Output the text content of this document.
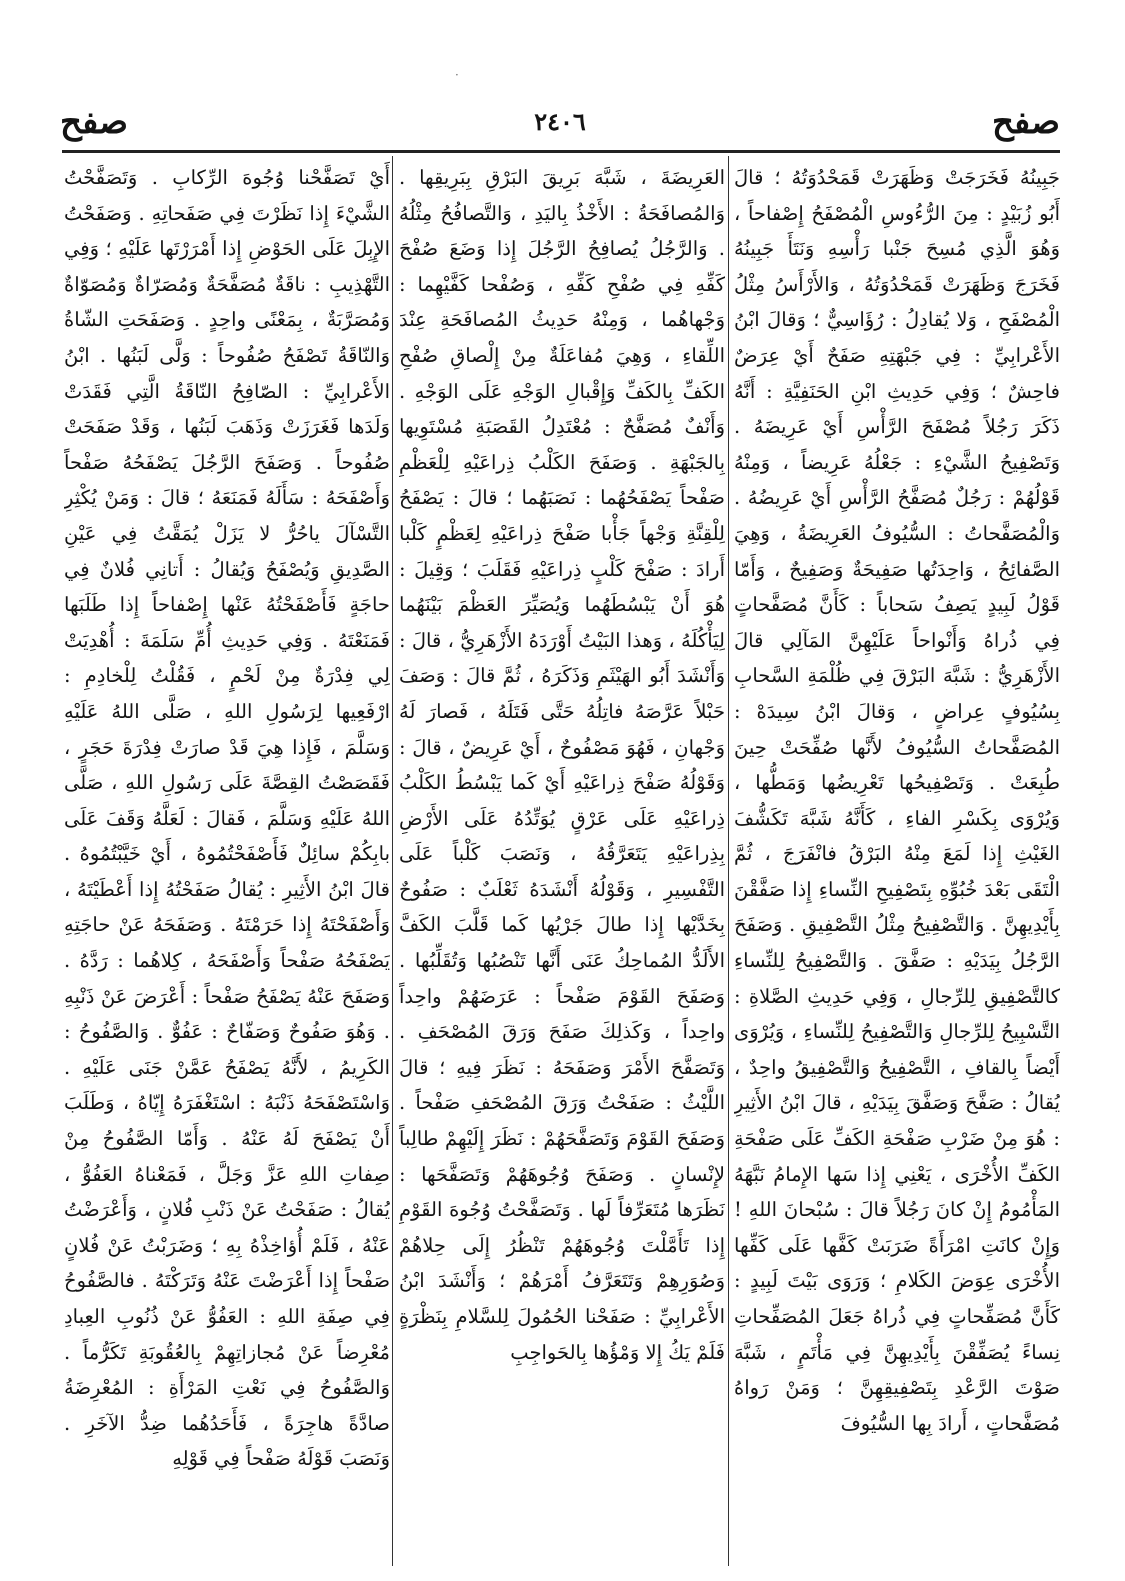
·
صفح
٢٤٠٦
صفح

جَبِينُهُ فَخَرَجَتْ وَظَهَرَتْ قَمَحْدُوَتُهُ ؛ قالَ أَبُو زُبَيْدٍ : مِنَ الرُّءُوسِ الْمُصْفَحُ إِصْفاحاً ، وَهُوَ الَّذِي مُسِحَ جَنْبا رَأْسِهِ وَنَتَأَ جَبِينُهُ فَخَرَجَ وَظَهَرَتْ قَمَحْدُوَتُهُ ، وَالأَرْأَسُ مِثْلُ الْمُصْفَحِ ، وَلا يُقادِلُ : رُؤَاسِيٌّ ؛ وَقالَ ابْنُ الأَعْرابِيِّ : فِي جَبْهَتِهِ صَفَحٌ أَيْ عِرَضٌ فاحِشٌ ؛ وَفِي حَدِيثِ ابْنِ الحَنَفِيَّةِ : أَنَّهُ ذَكَرَ رَجُلاً مُصْفَحَ الرَّأْسِ أَيْ عَرِيضَهُ . وَتَصْفِيحُ الشَّيْءِ : جَعْلُهُ عَرِيضاً ، وَمِنْهُ قَوْلُهُمْ : رَجُلٌ مُصَفَّحُ الرَّأْسِ أَيْ عَرِيضُهُ . وَالْمُصَفَّحاتُ : السُّيُوفُ العَرِيضَةُ ، وَهِيَ الصَّفائِحُ ، وَاحِدَتُها صَفِيحَةٌ وَصَفِيحٌ ، وَأَمّا قَوْلُ لَبِيدٍ يَصِفُ سَحاباً : كَأَنَّ مُصَفَّحاتٍ فِي ذُراهُ وَأَنْواحاً عَلَيْهِنَّ المَآلِي قالَ الأَزْهَرِيُّ : شَبَّهَ البَرْقَ فِي ظُلْمَةِ السَّحابِ بِسُيُوفٍ عِراضٍ ، وَقالَ ابْنُ سِيدَهْ : المُصَفَّحاتُ السُّيُوفُ لأَنَّها صُفِّحَتْ حِينَ طُبِعَتْ . وَتَصْفِيحُها تَعْرِيضُها وَمَطُّها ، وَيُرْوَى بِكَسْرِ الفاءِ ، كَأَنَّهُ شَبَّهَ تَكَشُّفَ الغَيْثِ إِذا لَمَعَ مِنْهُ البَرْقُ فانْفَرَجَ ، ثُمَّ الْتَقَى بَعْدَ خُبُوِّهِ بِتَصْفِيحِ النِّساءِ إِذا صَفَّقْنَ بِأَيْدِيهِنَّ . وَالتَّصْفِيحُ مِثْلُ التَّصْفِيقِ . وَصَفَحَ الرَّجُلُ بِيَدَيْهِ : صَفَّقَ . وَالتَّصْفِيحُ لِلنِّساءِ كالتَّصْفِيقِ لِلرِّجالِ ، وَفِي حَدِيثِ الصَّلاةِ : التَّسْبِيحُ لِلرِّجالِ وَالتَّصْفِيحُ لِلنِّساءِ ، وَيُرْوَى أَيْضاً بِالقافِ ، التَّصْفِيحُ وَالتَّصْفِيقُ واحِدٌ ، يُقالُ : صَفَّحَ وَصَفَّقَ بِيَدَيْهِ ، قالَ ابْنُ الأَثِيرِ : هُوَ مِنْ ضَرْبِ صَفْحَةِ الكَفِّ عَلَى صَفْحَةِ الكَفِّ الأُخْرَى ، يَعْنِي إِذا سَها الإِمامُ نَبَّهَهُ المَأْمُومُ إِنْ كانَ رَجُلاً قالَ : سُبْحانَ اللهِ ! وَإِنْ كانَتِ امْرَأَةً ضَرَبَتْ كَفَّها عَلَى كَفِّها الأُخْرَى عِوَضَ الكَلامِ ؛ وَرَوَى بَيْتَ لَبِيدٍ : كَأَنَّ مُصَفِّحاتٍ فِي ذُراهُ جَعَلَ المُصَفِّحاتِ نِساءً يُصَفِّقْنَ بِأَيْدِيهِنَّ فِي مَأْتَمٍ ، شَبَّهَ صَوْتَ الرَّعْدِ بِتَصْفِيقِهِنَّ ؛ وَمَنْ رَواهُ مُصَفَّحاتٍ ، أَرادَ بِها السُّيُوفَ

العَرِيضَةَ ، شَبَّهَ بَرِيقَ البَرْقِ بِبَرِيقِها . وَالمُصافَحَةُ : الأَخْذُ بِاليَدِ ، وَالتَّصافُحُ مِثْلُهُ . وَالرَّجُلُ يُصافِحُ الرَّجُلَ إِذا وَضَعَ صُفْحَ كَفِّهِ فِي صُفْحِ كَفِّهِ ، وَصُفْحا كَفَّيْهِما : وَجْهاهُما ، وَمِنْهُ حَدِيثُ المُصافَحَةِ عِنْدَ اللِّقاءِ ، وَهِيَ مُفاعَلَةٌ مِنْ إِلْصاقِ صُفْحِ الكَفِّ بِالكَفِّ وَإِقْبالِ الوَجْهِ عَلَى الوَجْهِ . وَأَنْفٌ مُصَفَّحٌ : مُعْتَدِلُ القَصَبَةِ مُسْتَوِيها بِالجَبْهَةِ . وَصَفَحَ الكَلْبُ ذِراعَيْهِ لِلْعَظْمِ صَفْحاً يَصْفَحُهُما : نَصَبَهُما ؛ قالَ : يَصْفَحُ لِلْقِنَّةِ وَجْهاً جَأْبا صَفْحَ ذِراعَيْهِ لِعَظْمٍ كَلْبا أَرادَ : صَفْحَ كَلْبٍ ذِراعَيْهِ فَقَلَبَ ؛ وَقِيلَ : هُوَ أَنْ يَبْسُطَهُما وَيُصَيِّرَ العَظْمَ بَيْنَهُما لِيَأْكُلَهُ ، وَهذا البَيْتُ أَوْرَدَهُ الأَزْهَرِيُّ ، قالَ : وَأَنْشَدَ أَبُو الهَيْثَمِ وَذَكَرَهُ ، ثُمَّ قالَ : وَصَفَ حَبْلاً عَرَّصَهُ فاتِلُهُ حَتَّى فَتَلَهُ ، فَصارَ لَهُ وَجْهانِ ، فَهُوَ مَصْفُوحٌ ، أَيْ عَرِيضٌ ، قالَ : وَقَوْلُهُ صَفْحَ ذِراعَيْهِ أَيْ كَما يَبْسُطُ الكَلْبُ ذِراعَيْهِ عَلَى عَرْقٍ يُوَتِّدُهُ عَلَى الأَرْضِ بِذِراعَيْهِ يَتَعَرَّقُهُ ، وَنَصَبَ كَلْباً عَلَى التَّفْسِيرِ ، وَقَوْلُهُ أَنْشَدَهُ ثَعْلَبٌ : صَفُوحٌ بِخَدَّيْها إِذا طالَ جَرْيُها كَما قَلَّبَ الكَفَّ الأَلَدُّ المُماحِكُ عَنَى أَنَّها تَنْصُبُها وَتُقَلِّبُها . وَصَفَحَ القَوْمَ صَفْحاً : عَرَضَهُمْ واحِداً واحِداً ، وَكَذلِكَ صَفَحَ وَرَقَ المُصْحَفِ . وَتَصَفَّحَ الأَمْرَ وَصَفَحَهُ : نَظَرَ فِيهِ ؛ قالَ اللَّيْثُ : صَفَحْتُ وَرَقَ المُصْحَفِ صَفْحاً . وَصَفَحَ القَوْمَ وَتَصَفَّحَهُمْ : نَظَرَ إِلَيْهِمْ طالِباً لإِنْسانٍ . وَصَفَحَ وُجُوهَهُمْ وَتَصَفَّحَها : نَظَرَها مُتَعَرِّفاً لَها . وَتَصَفَّحْتُ وُجُوهَ القَوْمِ إِذا تَأَمَّلْتَ وُجُوهَهُمْ تَنْظُرُ إِلَى حِلاهُمْ وَصُوَرِهِمْ وَتَتَعَرَّفُ أَمْرَهُمْ ؛ وَأَنْشَدَ ابْنُ الأَعْرابِيِّ : صَفَحْنا الحُمُولَ لِلسَّلامِ بِنَظْرَةٍ فَلَمْ يَكُ إِلا وَمْؤُها بِالحَواجِبِ

أَيْ تَصَفَّحْنا وُجُوهَ الرِّكابِ . وَتَصَفَّحْتُ الشَّيْءَ إِذا نَظَرْتَ فِي صَفَحاتِهِ . وَصَفَحْتُ الإِبِلَ عَلَى الحَوْضِ إِذا أَمْرَرْتَها عَلَيْهِ ؛ وَفِي التَّهْذِيبِ : ناقَةٌ مُصَفَّحَةٌ وَمُصَرّاةٌ وَمُصَوّاةٌ وَمُصَرَّبَةٌ ، بِمَعْنًى واحِدٍ . وَصَفَحَتِ الشّاةُ وَالنّاقَةُ تَصْفَحُ صُفُوحاً : وَلَّى لَبَنُها . ابْنُ الأَعْرابِيِّ : الصّافِحُ النّاقَةُ الَّتِي فَقَدَتْ وَلَدَها فَغَرَزَتْ وَذَهَبَ لَبَنُها ، وَقَدْ صَفَحَتْ صُفُوحاً . وَصَفَحَ الرَّجُلَ يَصْفَحُهُ صَفْحاً وَأَصْفَحَهُ : سَأَلَهُ فَمَنَعَهُ ؛ قالَ : وَمَنْ يُكْثِرِ التَّسْآلَ ياحُرُّ لا يَزَلْ يُمَقَّتُ فِي عَيْنِ الصَّدِيقِ وَيُصْفَحُ وَيُقالُ : أَتانِي فُلانٌ فِي حاجَةٍ فَأَصْفَحْتُهُ عَنْها إِصْفاحاً إِذا طَلَبَها فَمَنَعْتَهُ . وَفِي حَدِيثِ أُمِّ سَلَمَةَ : أُهْدِيَتْ لِي فِدْرَةٌ مِنْ لَحْمٍ ، فَقُلْتُ لِلْخادِمِ : ارْفَعِيها لِرَسُولِ اللهِ ، صَلَّى اللهُ عَلَيْهِ وَسَلَّمَ ، فَإِذا هِيَ قَدْ صارَتْ فِدْرَةَ حَجَرٍ ، فَقَصَصْتُ القِصَّةَ عَلَى رَسُولِ اللهِ ، صَلَّى اللهُ عَلَيْهِ وَسَلَّمَ ، فَقالَ : لَعَلَّهُ وَقَفَ عَلَى بابِكُمْ سائِلٌ فَأَصْفَحْتُمُوهُ ، أَيْ خَيَّبْتُمُوهُ . قالَ ابْنُ الأَثِيرِ : يُقالُ صَفَحْتُهُ إِذا أَعْطَيْتَهُ ، وَأَصْفَحْتَهُ إِذا حَرَمْتَهُ . وَصَفَحَهُ عَنْ حاجَتِهِ يَصْفَحُهُ صَفْحاً وَأَصْفَحَهُ ، كِلاهُما : رَدَّهُ . وَصَفَحَ عَنْهُ يَصْفَحُ صَفْحاً : أَعْرَضَ عَنْ ذَنْبِهِ . وَهُوَ صَفُوحٌ وَصَفّاحٌ : عَفُوٌّ . وَالصَّفُوحُ : الكَرِيمُ ، لأَنَّهُ يَصْفَحُ عَمَّنْ جَنَى عَلَيْهِ . وَاسْتَصْفَحَهُ ذَنْبَهُ : اسْتَغْفَرَهُ إِيّاهُ ، وَطَلَبَ أَنْ يَصْفَحَ لَهُ عَنْهُ . وَأَمّا الصَّفُوحُ مِنْ صِفاتِ اللهِ عَزَّ وَجَلَّ ، فَمَعْناهُ العَفُوُّ ، يُقالُ : صَفَحْتُ عَنْ ذَنْبِ فُلانٍ ، وَأَعْرَضْتُ عَنْهُ ، فَلَمْ أُؤاخِذْهُ بِهِ ؛ وَضَرَبْتُ عَنْ فُلانٍ صَفْحاً إِذا أَعْرَضْتَ عَنْهُ وَتَرَكْتَهُ . فالصَّفُوحُ فِي صِفَةِ اللهِ : العَفُوُّ عَنْ ذُنُوبِ العِبادِ مُعْرِضاً عَنْ مُجازاتِهِمْ بِالعُقُوبَةِ تَكَرُّماً . وَالصَّفُوحُ فِي نَعْتِ المَرْأَةِ : المُعْرِضَةُ صادَّةً هاجِرَةً ، فَأَحَدُهُما ضِدُّ الآخَرِ . وَنَصَبَ قَوْلَهُ صَفْحاً فِي قَوْلِهِ
